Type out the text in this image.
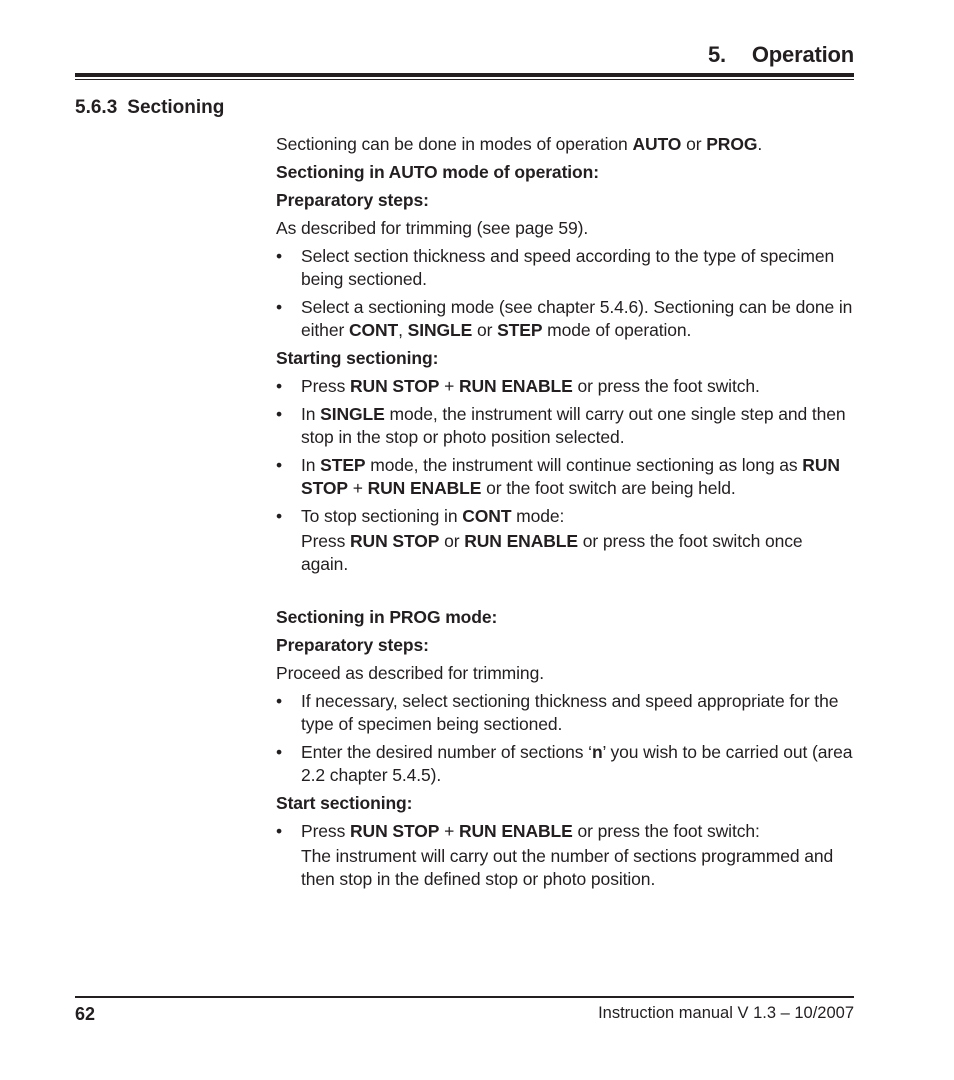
5. Operation
5.6.3 Sectioning

Sectioning can be done in modes of operation AUTO or PROG.

Sectioning in AUTO mode of operation:

Preparatory steps:

As described for trimming (see page 59).

• Select section thickness and speed according to the type of specimen being sectioned.
• Select a sectioning mode (see chapter 5.4.6). Sectioning can be done in either CONT, SINGLE or STEP mode of operation.

Starting sectioning:

• Press RUN STOP + RUN ENABLE or press the foot switch.
• In SINGLE mode, the instrument will carry out one single step and then stop in the stop or photo position selected.
• In STEP mode, the instrument will continue sectioning as long as RUN STOP + RUN ENABLE or the foot switch are being held.
• To stop sectioning in CONT mode:
Press RUN STOP or RUN ENABLE or press the foot switch once again.

Sectioning in PROG mode:

Preparatory steps:

Proceed as described for trimming.

• If necessary, select sectioning thickness and speed appropriate for the type of specimen being sectioned.
• Enter the desired number of sections ‘n’ you wish to be carried out (area 2.2 chapter 5.4.5).

Start sectioning:

• Press RUN STOP + RUN ENABLE or press the foot switch:
The instrument will carry out the number of sections programmed and then stop in the defined stop or photo position.
62	Instruction manual V 1.3 – 10/2007
